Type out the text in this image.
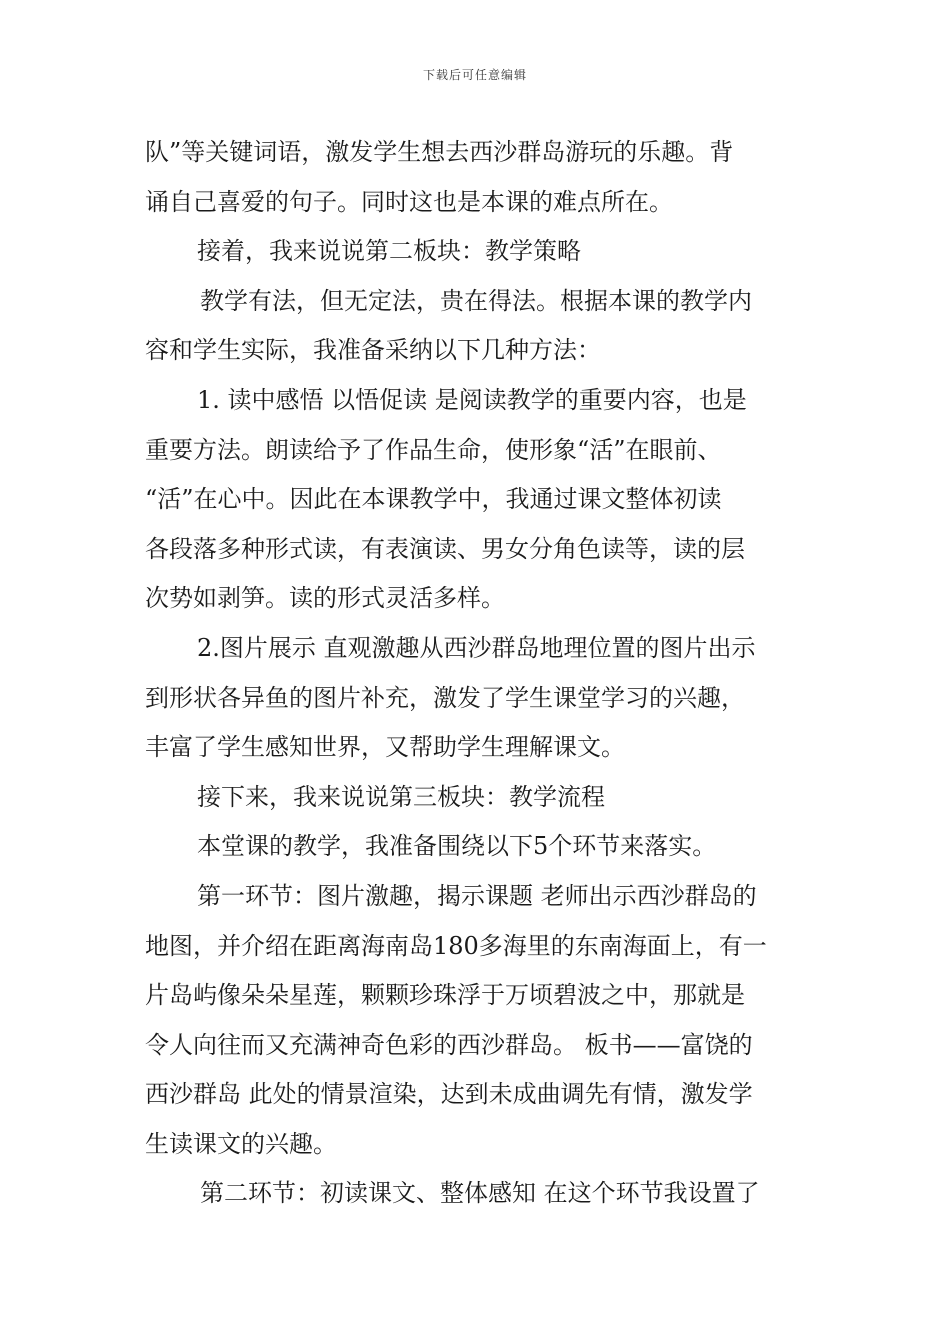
下载后可任意编辑
队”等关键词语，激发学生想去西沙群岛游玩的乐趣。背
诵自己喜爱的句子。同时这也是本课的难点所在。
接着，我来说说第二板块：教学策略
教学有法，但无定法，贵在得法。根据本课的教学内
容和学生实际，我准备采纳以下几种方法：
1. 读中感悟 以悟促读 是阅读教学的重要内容，也是
重要方法。朗读给予了作品生命，使形象“活”在眼前、
“活”在心中。因此在本课教学中，我通过课文整体初读
各段落多种形式读，有表演读、男女分角色读等，读的层
次势如剥笋。读的形式灵活多样。
2.图片展示 直观激趣从西沙群岛地理位置的图片出示
到形状各异鱼的图片补充，激发了学生课堂学习的兴趣，
丰富了学生感知世界，又帮助学生理解课文。
接下来，我来说说第三板块：教学流程
本堂课的教学，我准备围绕以下5个环节来落实。
第一环节：图片激趣，揭示课题 老师出示西沙群岛的
地图，并介绍在距离海南岛180多海里的东南海面上，有一
片岛屿像朵朵星莲，颗颗珍珠浮于万顷碧波之中，那就是
令人向往而又充满神奇色彩的西沙群岛。 板书——富饶的
西沙群岛 此处的情景渲染，达到未成曲调先有情，激发学
生读课文的兴趣。
第二环节：初读课文、整体感知 在这个环节我设置了
